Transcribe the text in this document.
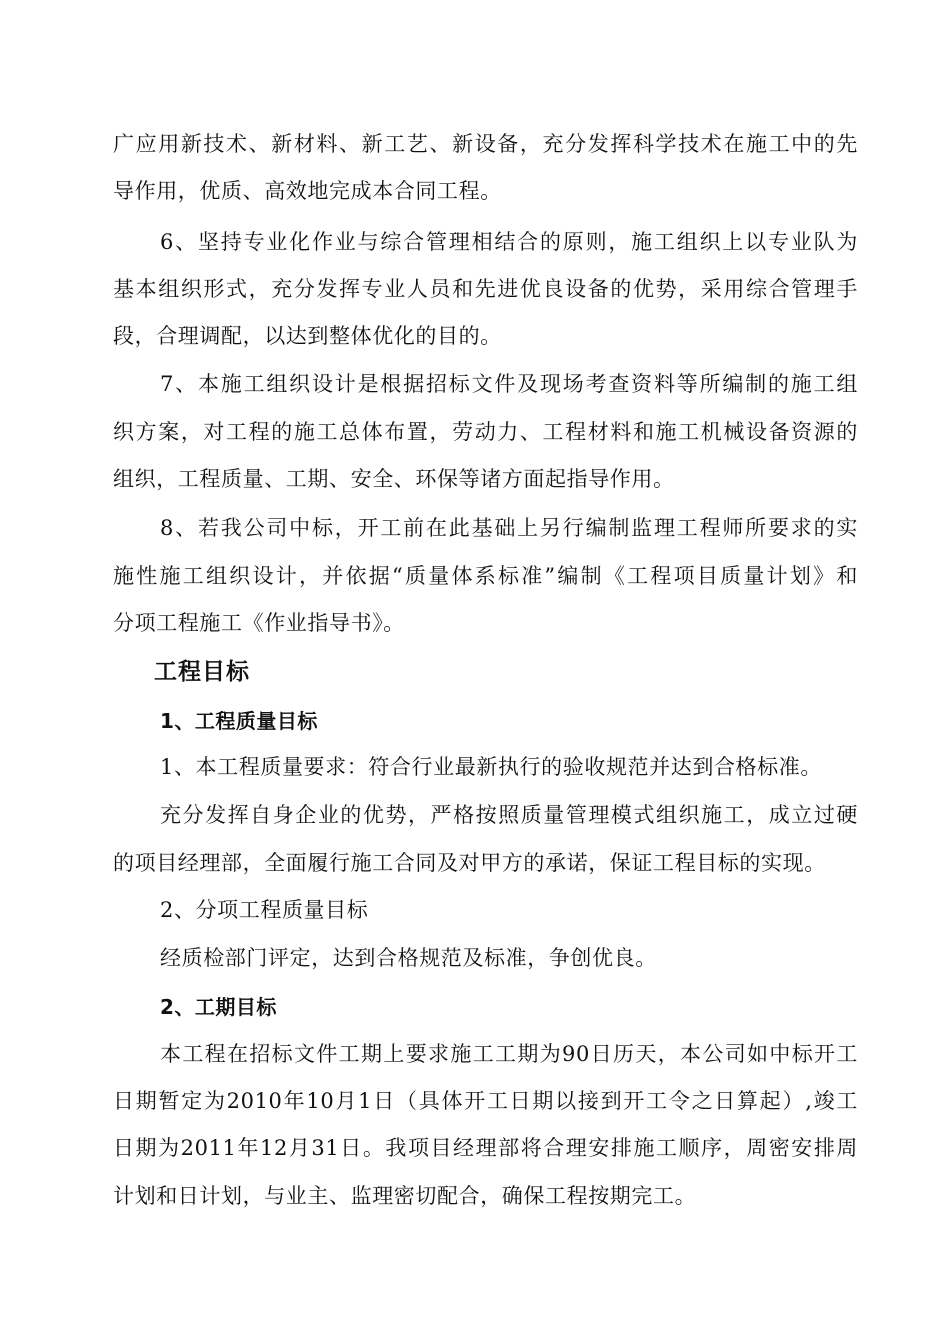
广应用新技术、新材料、新工艺、新设备，充分发挥科学技术在施工中的先
导作用，优质、高效地完成本合同工程。
6、坚持专业化作业与综合管理相结合的原则，施工组织上以专业队为
基本组织形式，充分发挥专业人员和先进优良设备的优势，采用综合管理手
段，合理调配，以达到整体优化的目的。
7、本施工组织设计是根据招标文件及现场考查资料等所编制的施工组
织方案，对工程的施工总体布置，劳动力、工程材料和施工机械设备资源的
组织，工程质量、工期、安全、环保等诸方面起指导作用。
8、若我公司中标，开工前在此基础上另行编制监理工程师所要求的实
施性施工组织设计，并依据“质量体系标准”编制《工程项目质量计划》和
分项工程施工《作业指导书》。
工程目标
1、工程质量目标
1、本工程质量要求：符合行业最新执行的验收规范并达到合格标准。
充分发挥自身企业的优势，严格按照质量管理模式组织施工，成立过硬
的项目经理部，全面履行施工合同及对甲方的承诺，保证工程目标的实现。
2、分项工程质量目标
经质检部门评定，达到合格规范及标准，争创优良。
2、工期目标
本工程在招标文件工期上要求施工工期为90日历天，本公司如中标开工
日期暂定为2010年10月1日（具体开工日期以接到开工令之日算起）,竣工
日期为2011年12月31日。我项目经理部将合理安排施工顺序，周密安排周
计划和日计划，与业主、监理密切配合，确保工程按期完工。
